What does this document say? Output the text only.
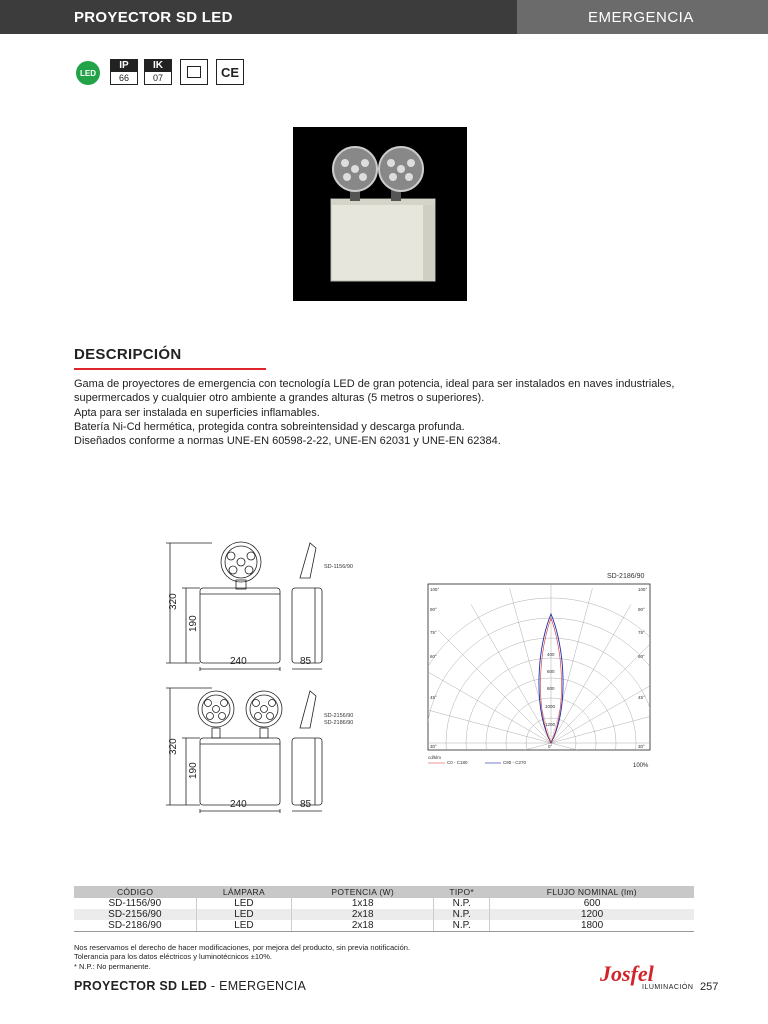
PROYECTOR SD LED	EMERGENCIA
LED
IP
66
IK
07	CE
DESCRIPCIÓN

Gama de proyectores de emergencia con tecnología LED de gran potencia, ideal para ser instalados en naves industriales, supermercados y cualquier otro ambiente a grandes alturas (5 metros o superiores).

Apta para ser instalada en superficies inflamables.

Batería Ni-Cd hermética, protegida contra sobreintensidad y descarga profunda.

Diseñados conforme a normas UNE-EN 60598-2-22, UNE-EN 62031 y UNE-EN 62384.

320
190
240	85
SD-1156/90
320
190
240	85
SD-2156/90
SD-2186/90
SD-2186/90
105°
90°
75°
60°
45°
30°
105°
90°
75°
60°
45°
30°
400
600
800
1000
1200
0°
cd/klm
C0 - C180	C90 - C270
100%
CÓDIGO	LÁMPARA	POTENCIA (W)	TIPO*	FLUJO NOMINAL (lm)
SD-1156/90	LED	1x18	N.P.	600
SD-2156/90	LED	2x18	N.P.	1200
SD-2186/90	LED	2x18	N.P.	1800

Nos reservamos el derecho de hacer modificaciones, por mejora del producto, sin previa notificación.

Tolerancia para los datos eléctricos y luminotécnicos ±10%.

* N.P.: No permanente.

PROYECTOR SD LED - EMERGENCIA	Josfel
ILUMINACIÓN 257
